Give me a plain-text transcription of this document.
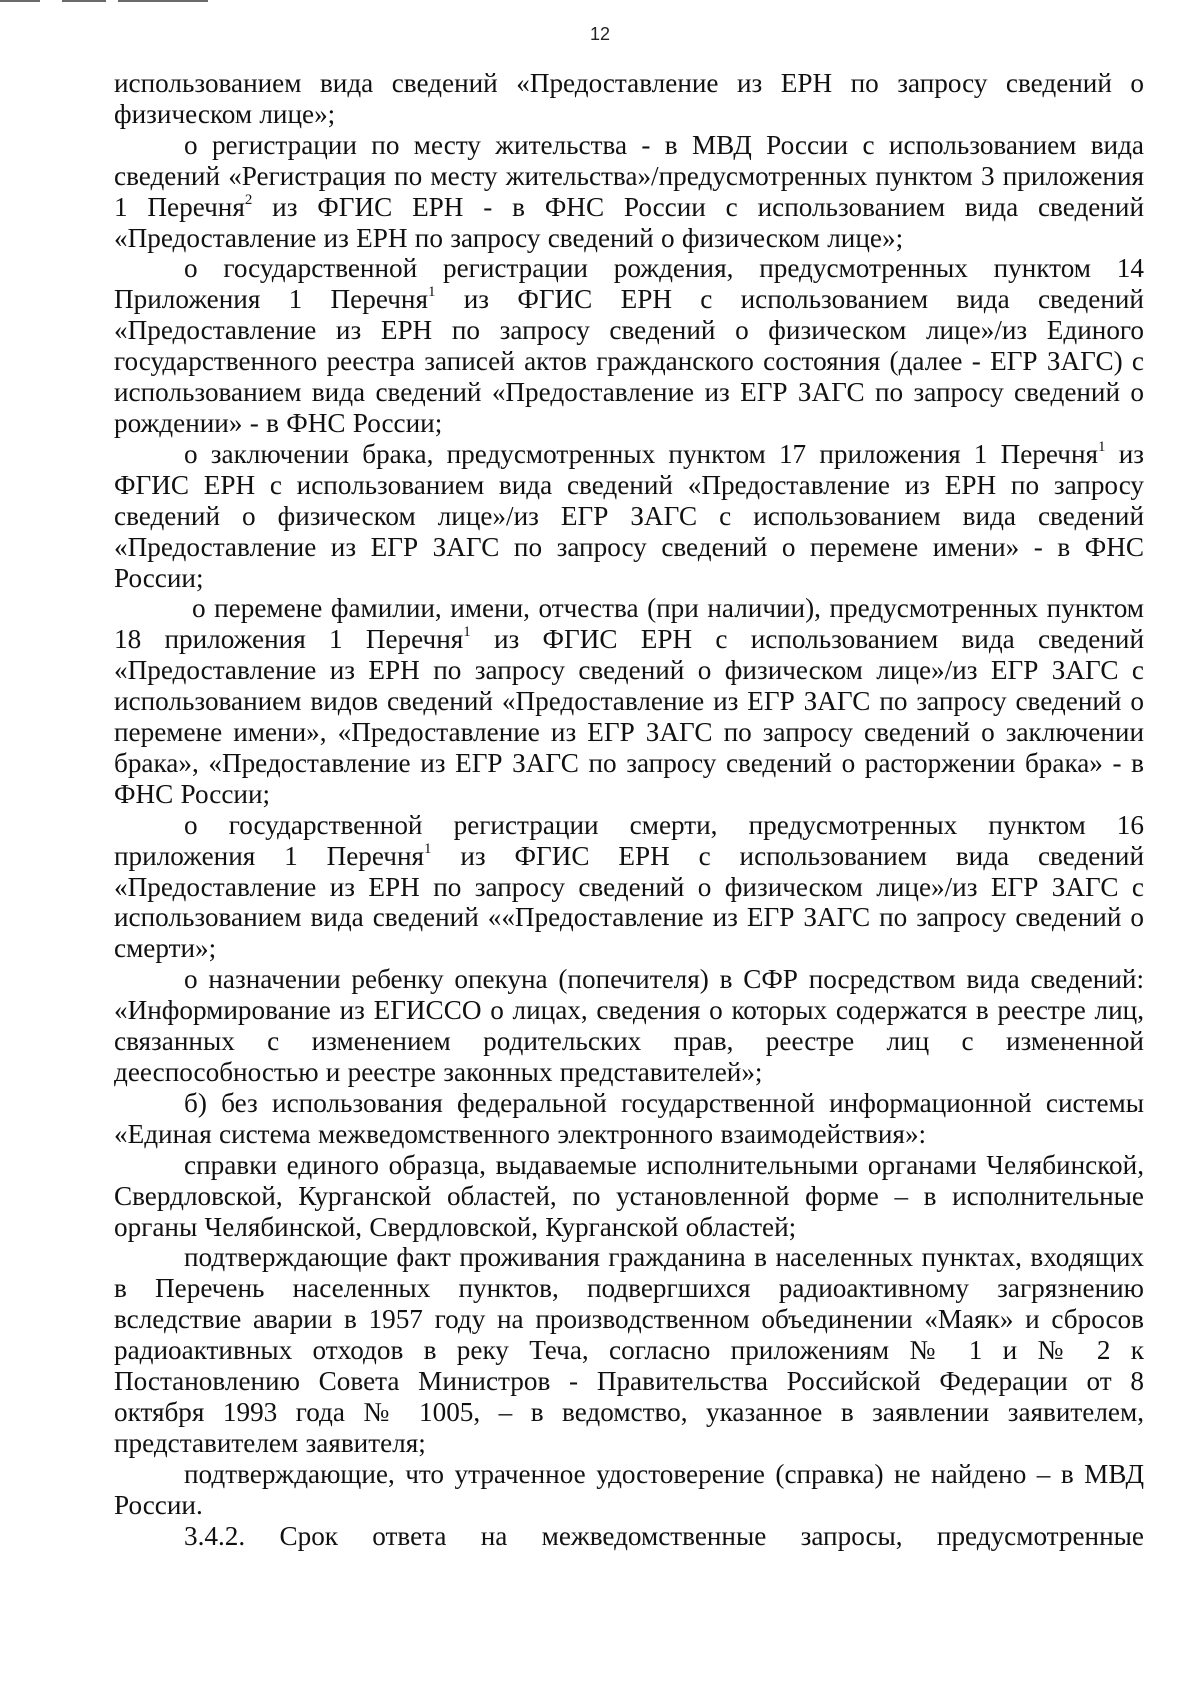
12

использованием вида сведений «Предоставление из ЕРН по запросу сведений о физическом лице»;

о регистрации по месту жительства - в МВД России с использованием вида сведений «Регистрация по месту жительства»/предусмотренных пунктом 3 приложения 1 Перечня$^2$ из ФГИС ЕРН - в ФНС России с использованием вида сведений «Предоставление из ЕРН по запросу сведений о физическом лице»;

о государственной регистрации рождения, предусмотренных пунктом 14 Приложения 1 Перечня$^1$ из ФГИС ЕРН с использованием вида сведений «Предоставление из ЕРН по запросу сведений о физическом лице»/из Единого государственного реестра записей актов гражданского состояния (далее - ЕГР ЗАГС) с использованием вида сведений «Предоставление из ЕГР ЗАГС по запросу сведений о рождении» - в ФНС России;

о заключении брака, предусмотренных пунктом 17 приложения 1 Перечня$^1$ из ФГИС ЕРН с использованием вида сведений «Предоставление из ЕРН по запросу сведений о физическом лице»/из ЕГР ЗАГС с использованием вида сведений «Предоставление из ЕГР ЗАГС по запросу сведений о перемене имени» - в ФНС России;

о перемене фамилии, имени, отчества (при наличии), предусмотренных пунктом 18 приложения 1 Перечня$^1$ из ФГИС ЕРН с использованием вида сведений «Предоставление из ЕРН по запросу сведений о физическом лице»/из ЕГР ЗАГС с использованием видов сведений «Предоставление из ЕГР ЗАГС по запросу сведений о перемене имени», «Предоставление из ЕГР ЗАГС по запросу сведений о заключении брака», «Предоставление из ЕГР ЗАГС по запросу сведений о расторжении брака» - в ФНС России;

о государственной регистрации смерти, предусмотренных пунктом 16 приложения 1 Перечня$^1$ из ФГИС ЕРН с использованием вида сведений «Предоставление из ЕРН по запросу сведений о физическом лице»/из ЕГР ЗАГС с использованием вида сведений ««Предоставление из ЕГР ЗАГС по запросу сведений о смерти»;

о назначении ребенку опекуна (попечителя) в СФР посредством вида сведений: «Информирование из ЕГИССО о лицах, сведения о которых содержатся в реестре лиц, связанных с изменением родительских прав, реестре лиц с измененной дееспособностью и реестре законных представителей»;

б) без использования федеральной государственной информационной системы «Единая система межведомственного электронного взаимодействия»:

справки единого образца, выдаваемые исполнительными органами Челябинской, Свердловской, Курганской областей, по установленной форме – в исполнительные органы Челябинской, Свердловской, Курганской областей;

подтверждающие факт проживания гражданина в населенных пунктах, входящих в Перечень населенных пунктов, подвергшихся радиоактивному загрязнению вследствие аварии в 1957 году на производственном объединении «Маяк» и сбросов радиоактивных отходов в реку Теча, согласно приложениям № 1 и № 2 к Постановлению Совета Министров - Правительства Российской Федерации от 8 октября 1993 года № 1005, – в ведомство, указанное в заявлении заявителем, представителем заявителя;

подтверждающие, что утраченное удостоверение (справка) не найдено – в МВД России.

3.4.2. Срок ответа на межведомственные запросы, предусмотренные
